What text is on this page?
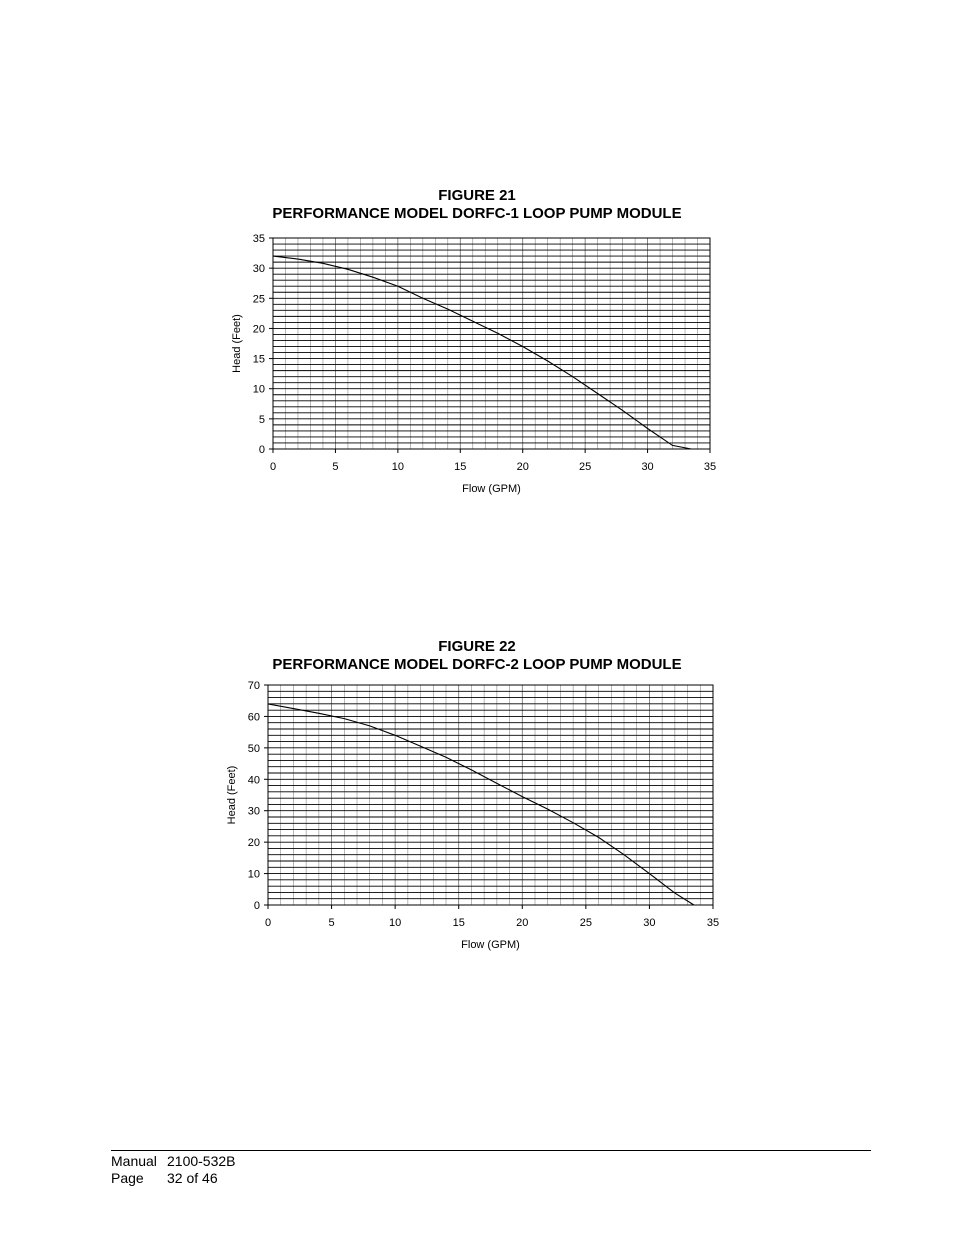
FIGURE 21
PERFORMANCE MODEL DORFC-1 LOOP PUMP MODULE
0
5
10
15
20
25
30
35
0	5	10	15	20	25	30	35
Flow (GPM)
Head (Feet)
FIGURE 22
PERFORMANCE MODEL DORFC-2 LOOP PUMP MODULE
0
10
20
30
40
50
60
70
0	5	10	15	20	25	30	35
Flow (GPM)
Head (Feet)
Manual 2100-532B
Page	32 of 46
